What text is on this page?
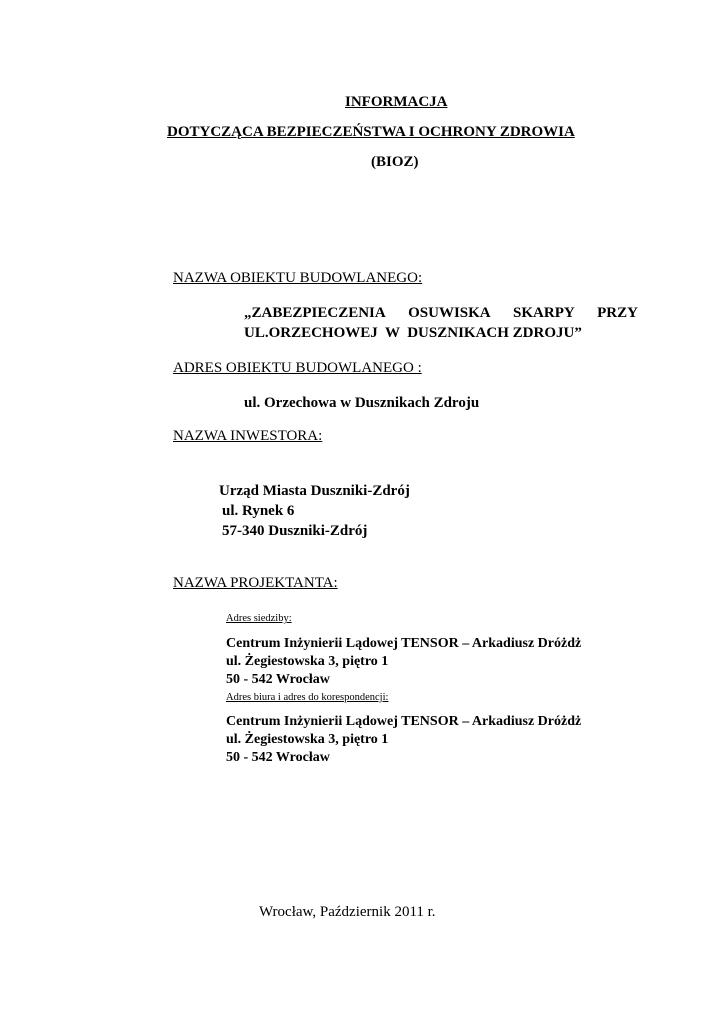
INFORMACJA
DOTYCZĄCA BEZPIECZEŃSTWA I OCHRONY ZDROWIA
(BIOZ)
NAZWA OBIEKTU BUDOWLANEGO:
„ZABEZPIECZENIA OSUWISKA SKARPY PRZY
UL.ORZECHOWEJ  W  DUSZNIKACH ZDROJU”
ADRES OBIEKTU BUDOWLANEGO :
ul. Orzechowa w Dusznikach Zdroju
NAZWA INWESTORA:
Urząd Miasta Duszniki-Zdrój
ul. Rynek 6
57-340 Duszniki-Zdrój
NAZWA PROJEKTANTA:
Adres siedziby:
Centrum Inżynierii Lądowej TENSOR – Arkadiusz Dróżdż
ul. Żegiestowska 3, piętro 1
50 - 542 Wrocław
Adres biura i adres do korespondencji:
Centrum Inżynierii Lądowej TENSOR – Arkadiusz Dróżdż
ul. Żegiestowska 3, piętro 1
50 - 542 Wrocław
Wrocław, Październik 2011 r.
